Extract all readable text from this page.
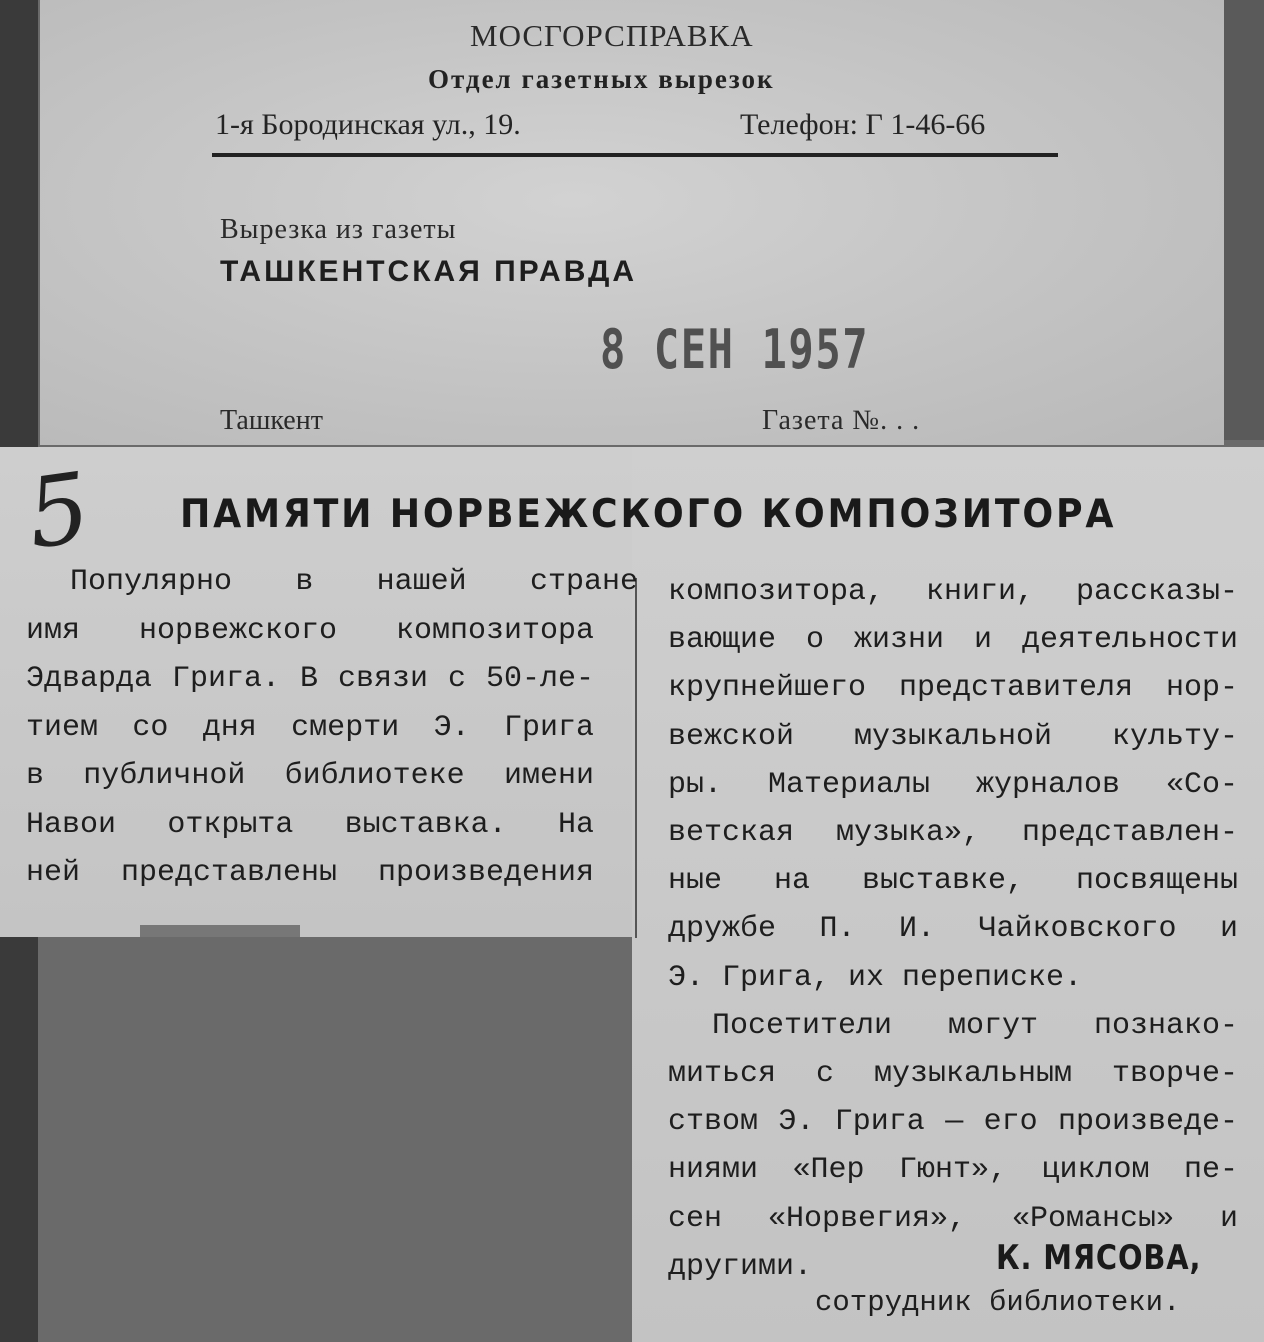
МОСГОРСПРАВКА
Отдел газетных вырезок
1-я Бородинская ул., 19.	Телефон: Г 1-46-66
Вырезка из газеты
ТАШКЕНТСКАЯ ПРАВДА
8 СЕН 1957
Ташкент	Газета №. . .
5 ПАМЯТИ НОРВЕЖСКОГО КОМПОЗИТОРА
Популярно в нашей стране
имя норвежского композитора
Эдварда Грига. В связи с 50-ле-
тием со дня смерти Э. Грига
в публичной библиотеке имени
Навои открыта выставка. На
ней представлены произведения
композитора, книги, рассказы-
вающие о жизни и деятельности
крупнейшего представителя нор-
вежской музыкальной культу-
ры. Материалы журналов «Со-
ветская музыка», представлен-
ные на выставке, посвящены
дружбе П. И. Чайковского и
Э. Грига, их переписке.
Посетители могут познако-
миться с музыкальным творче-
ством Э. Грига — его произведе-
ниями «Пер Гюнт», циклом пе-
сен «Норвегия», «Романсы» и
другими.	К. МЯСОВА,
сотрудник библиотеки.
